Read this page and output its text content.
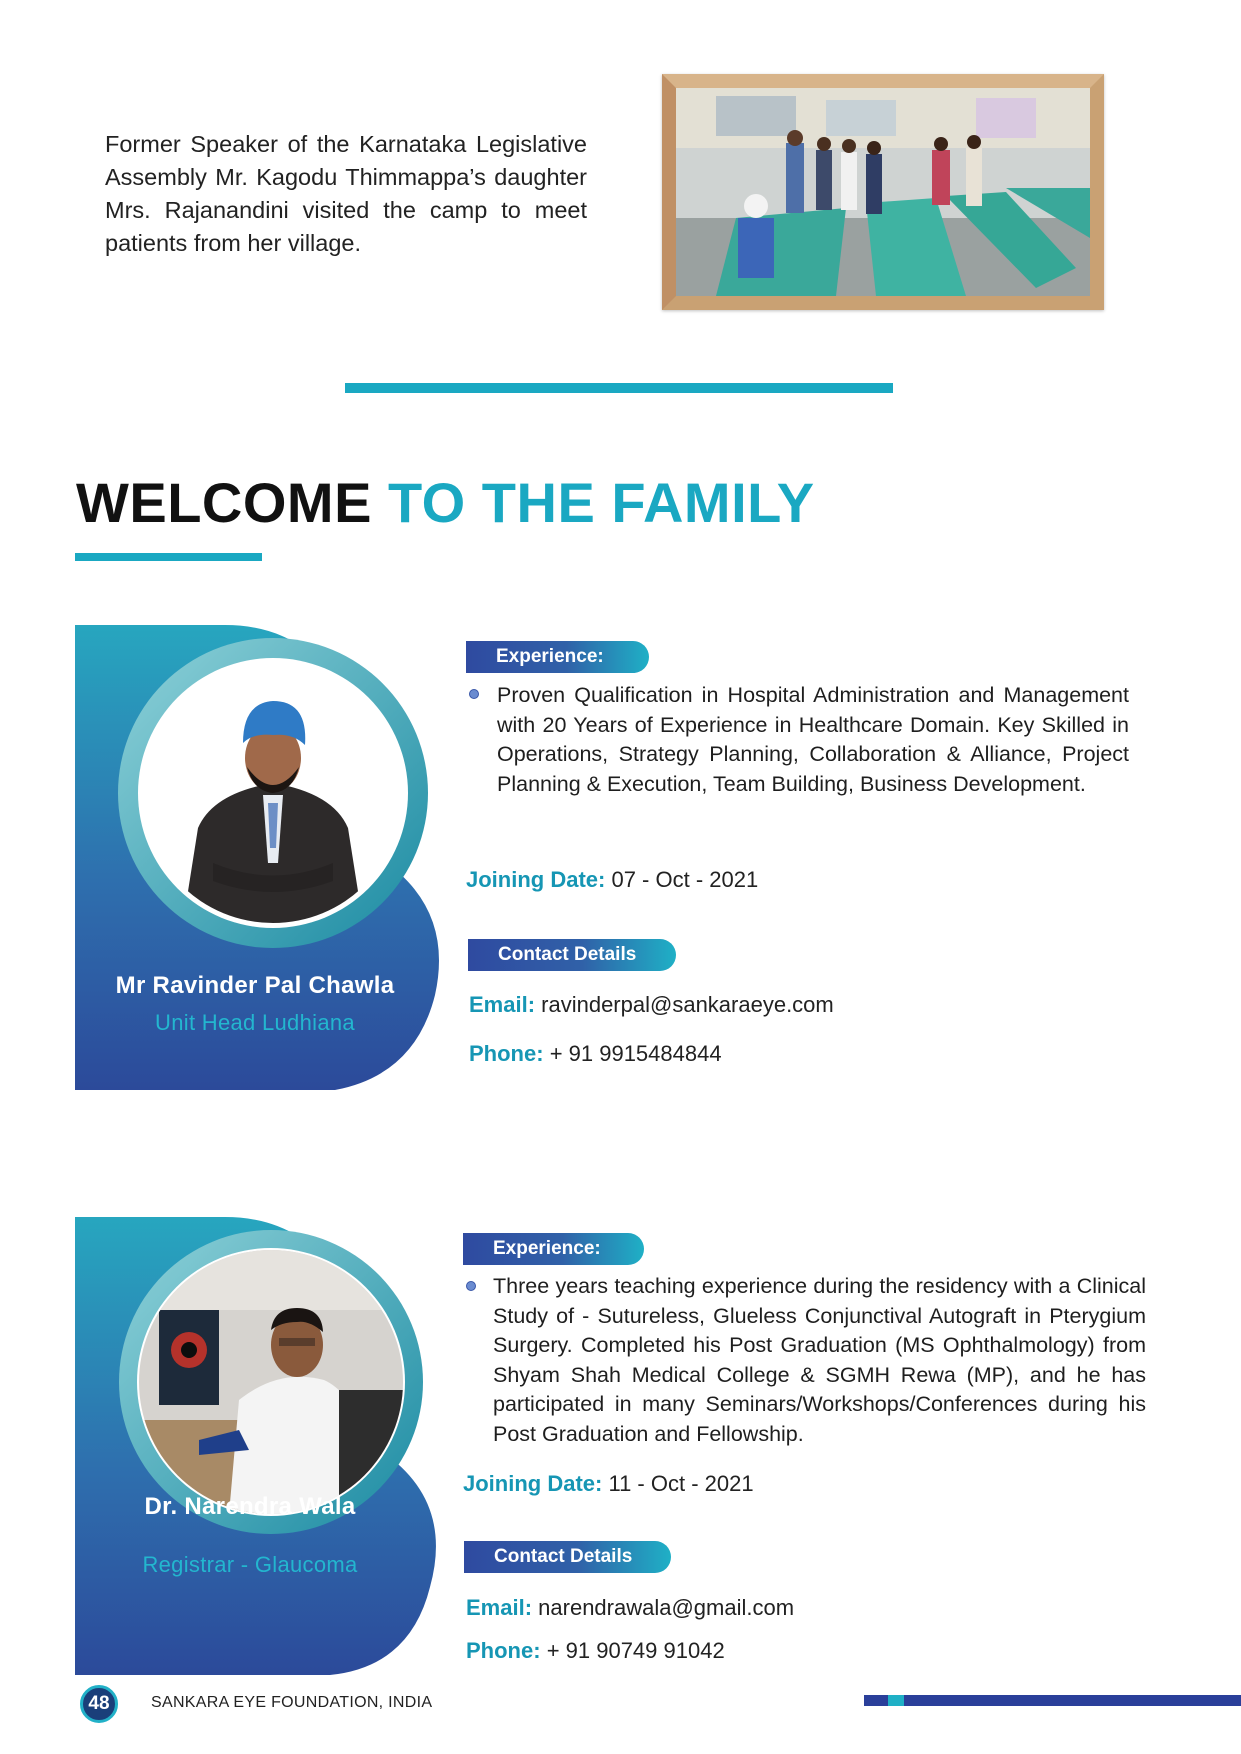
Former Speaker of the Karnataka Legislative Assembly Mr. Kagodu Thimmappa’s daughter Mrs. Rajanandini visited the camp to meet patients from her village.
WELCOME TO THE FAMILY
Mr Ravinder Pal Chawla
Unit Head Ludhiana
Experience:
Proven Qualification in Hospital Administration and Management with 20 Years of Experience in Healthcare Domain. Key Skilled in Operations, Strategy Planning, Collaboration & Alliance, Project Planning & Execution, Team Building, Business Development.
Joining Date: 07 - Oct - 2021
Contact Details
Email: ravinderpal@sankaraeye.com
Phone: + 91 9915484844
Dr. Narendra Wala
Registrar - Glaucoma
Experience:
Three years teaching experience during the residency with a Clinical Study of - Sutureless, Glueless Conjunctival Autograft in Pterygium Surgery. Completed his Post Graduation (MS Ophthalmology) from Shyam Shah Medical College & SGMH Rewa (MP), and he has participated in many Seminars/Workshops/Conferences during his Post Graduation and Fellowship.
Joining Date: 11 - Oct - 2021
Contact Details
Email: narendrawala@gmail.com
Phone: + 91 90749 91042
48	SANKARA EYE FOUNDATION, INDIA
